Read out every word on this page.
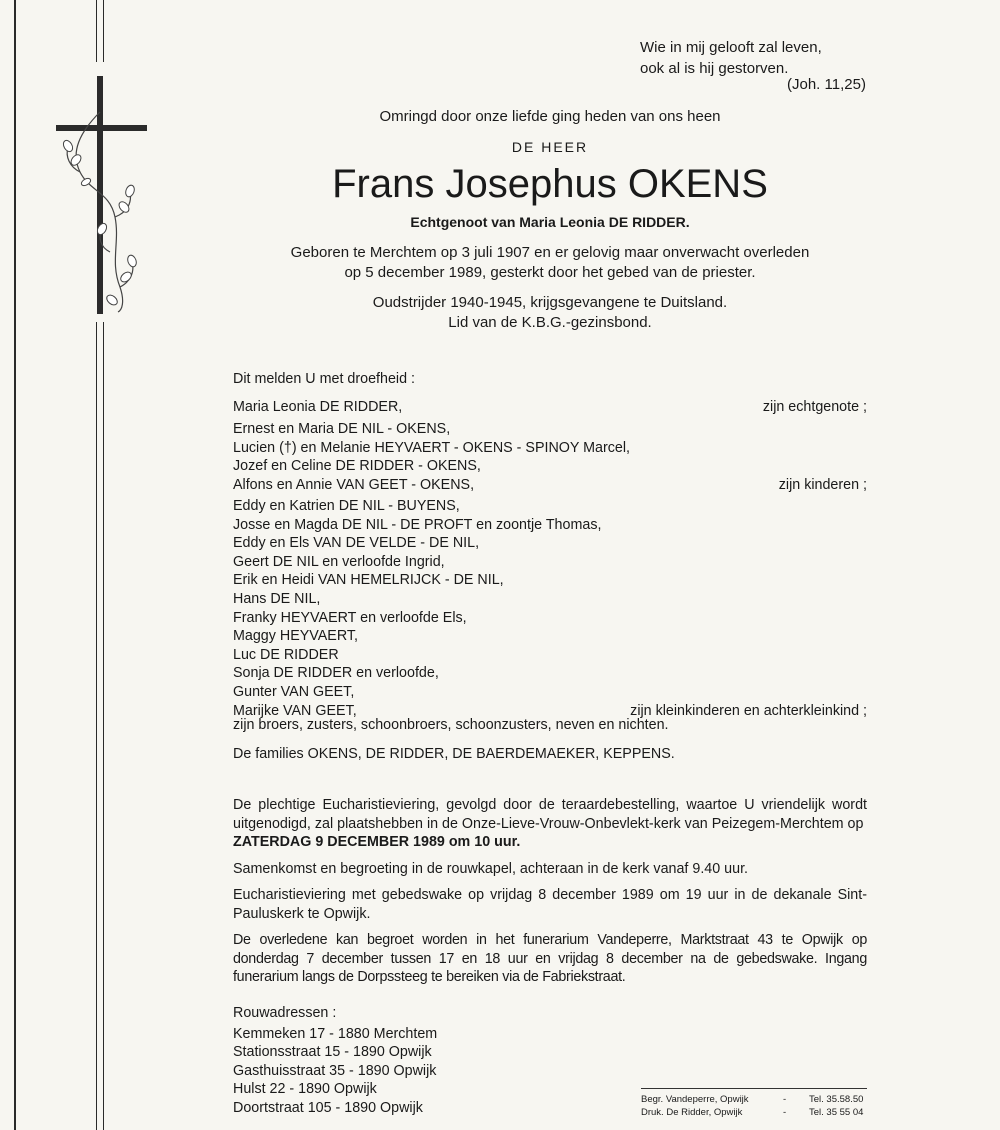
Wie in mij gelooft zal leven,
ook al is hij gestorven.
(Joh. 11,25)
Omringd door onze liefde ging heden van ons heen
DE HEER
Frans Josephus OKENS
Echtgenoot van Maria Leonia DE RIDDER.
Geboren te Merchtem op 3 juli 1907 en er gelovig maar onverwacht overleden
op 5 december 1989, gesterkt door het gebed van de priester.
Oudstrijder 1940-1945, krijgsgevangene te Duitsland.
Lid van de K.B.G.-gezinsbond.
Dit melden U met droefheid :
Maria Leonia DE RIDDER,	zijn echtgenote ;
Ernest en Maria DE NIL - OKENS,
Lucien (†) en Melanie HEYVAERT - OKENS - SPINOY Marcel,
Jozef en Celine DE RIDDER - OKENS,
Alfons en Annie VAN GEET - OKENS,	zijn kinderen ;
Eddy en Katrien DE NIL - BUYENS,
Josse en Magda DE NIL - DE PROFT en zoontje Thomas,
Eddy en Els VAN DE VELDE - DE NIL,
Geert DE NIL en verloofde Ingrid,
Erik en Heidi VAN HEMELRIJCK - DE NIL,
Hans DE NIL,
Franky HEYVAERT en verloofde Els,
Maggy HEYVAERT,
Luc DE RIDDER
Sonja DE RIDDER en verloofde,
Gunter VAN GEET,
Marijke VAN GEET,	zijn kleinkinderen en achterkleinkind ;
zijn broers, zusters, schoonbroers, schoonzusters, neven en nichten.
De families OKENS, DE RIDDER, DE BAERDEMAEKER, KEPPENS.
De plechtige Eucharistieviering, gevolgd door de teraardebestelling, waartoe U vriendelijk wordt uitgenodigd, zal plaatshebben in de Onze-Lieve-Vrouw-Onbevlekt-kerk van Peizegem-Merchtem op
ZATERDAG 9 DECEMBER 1989 om 10 uur.
Samenkomst en begroeting in de rouwkapel, achteraan in de kerk vanaf 9.40 uur.
Eucharistieviering met gebedswake op vrijdag 8 december 1989 om 19 uur in de dekanale Sint-Pauluskerk te Opwijk.
De overledene kan begroet worden in het funerarium Vandeperre, Marktstraat 43 te Opwijk op donderdag 7 december tussen 17 en 18 uur en vrijdag 8 december na de gebedswake. Ingang funerarium langs de Dorpssteeg te bereiken via de Fabriekstraat.
Rouwadressen :
Kemmeken 17 - 1880 Merchtem
Stationsstraat 15 - 1890 Opwijk
Gasthuisstraat 35 - 1890 Opwijk
Hulst 22 - 1890 Opwijk
Doortstraat 105 - 1890 Opwijk
Begr. Vandeperre, Opwijk	- Tel. 35.58.50
Druk. De Ridder, Opwijk	- Tel. 35 55 04
